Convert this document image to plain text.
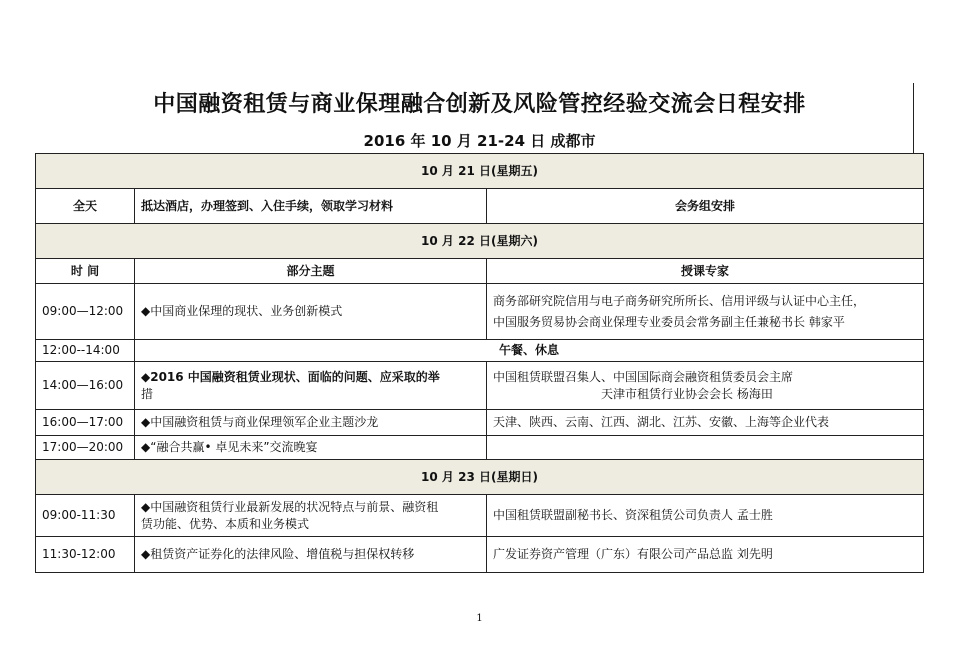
中国融资租赁与商业保理融合创新及风险管控经验交流会日程安排
2016 年 10 月 21-24 日 成都市
10 月 21 日(星期五)		
全天	抵达酒店，办理签到、入住手续，领取学习材料	会务组安排
10 月 22 日(星期六)		
时 间	部分主题	授课专家
09:00—12:00	◆中国商业保理的现状、业务创新模式	商务部研究院信用与电子商务研究所所长、信用评级与认证中心主任，
中国服务贸易协会商业保理专业委员会常务副主任兼秘书长 韩家平

12:00--14:00	午餐、休息	
14:00—16:00	◆2016 中国融资租赁业现状、面临的问题、应采取的举
措	中国租赁联盟召集人、中国国际商会融资租赁委员会主席
天津市租赁行业协会会长 杨海田

16:00—17:00	◆中国融资租赁与商业保理领军企业主题沙龙	天津、陕西、云南、江西、湖北、江苏、安徽、上海等企业代表
17:00—20:00	◆“融合共赢• 卓见未来”交流晚宴	
10 月 23 日(星期日)		
09:00-11:30	◆中国融资租赁行业最新发展的状况特点与前景、融资租
赁功能、优势、本质和业务模式	中国租赁联盟副秘书长、资深租赁公司负责人 孟士胜
11:30-12:00	◆租赁资产证券化的法律风险、增值税与担保权转移	广发证券资产管理（广东）有限公司产品总监 刘先明
1
